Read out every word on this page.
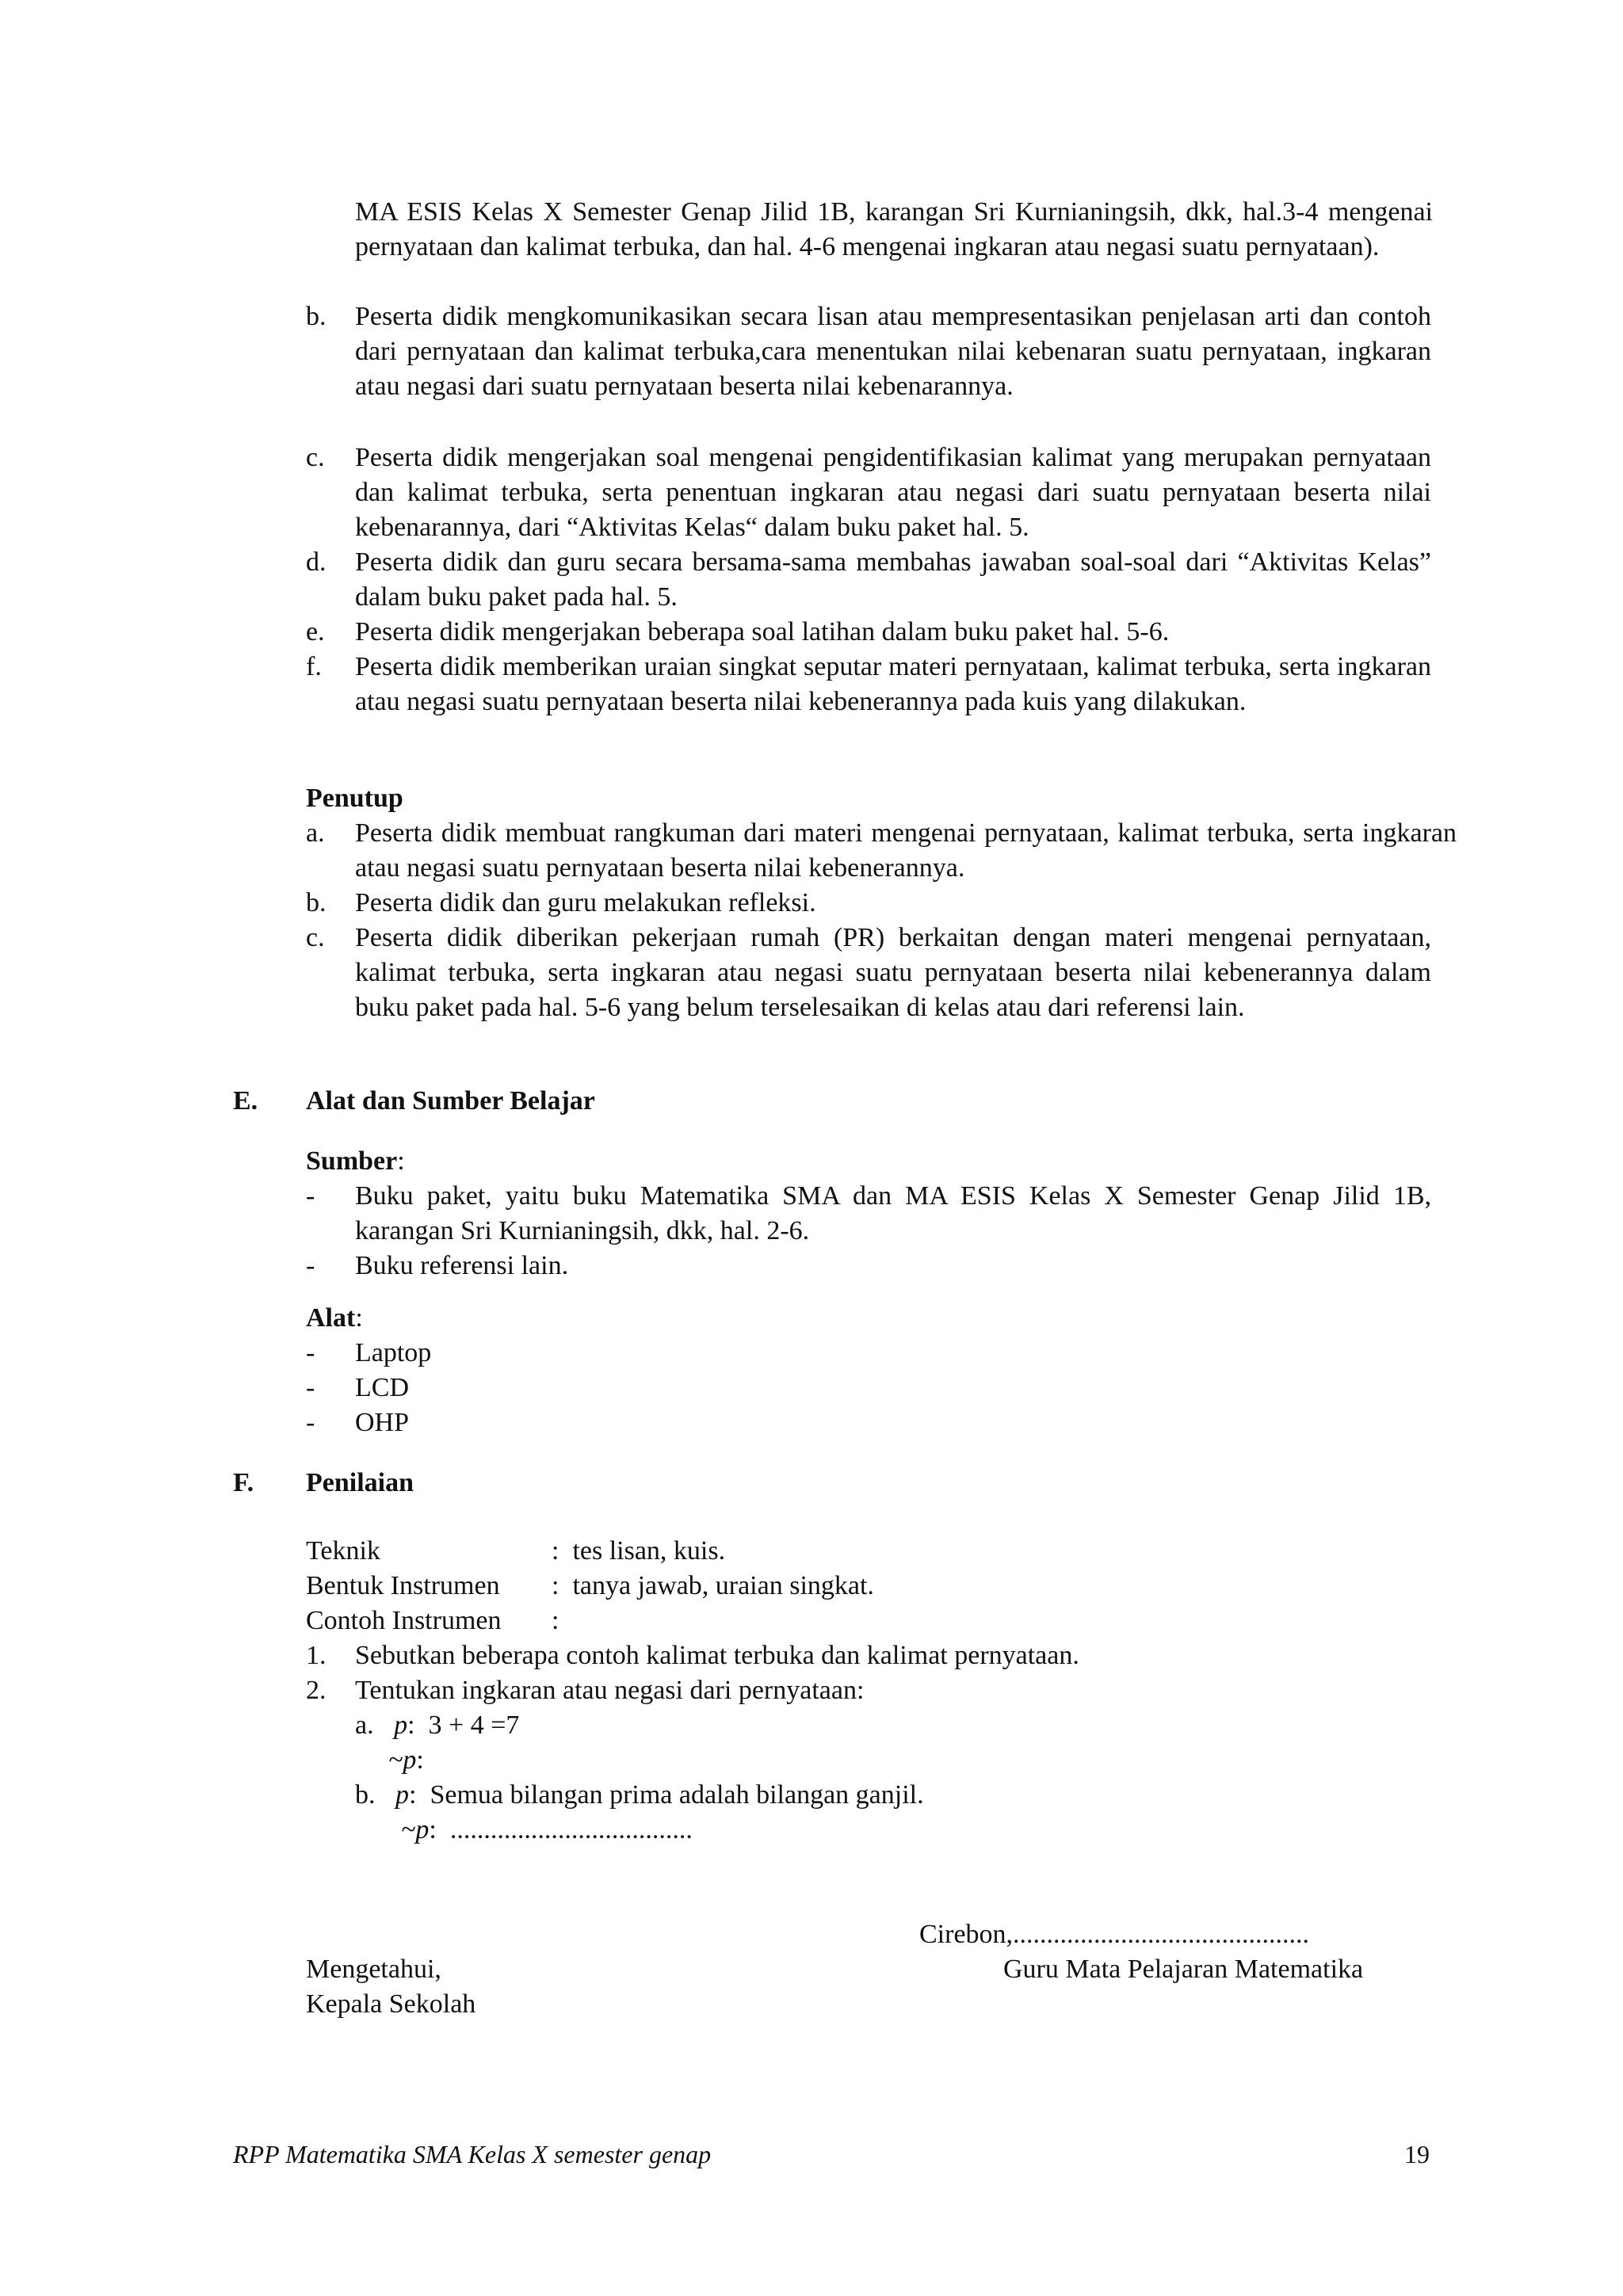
MA ESIS Kelas X Semester Genap Jilid 1B, karangan Sri Kurnianingsih, dkk, hal.3-4 mengenai pernyataan dan kalimat terbuka, dan hal. 4-6 mengenai ingkaran atau negasi suatu pernyataan).
b.	Peserta didik mengkomunikasikan secara lisan atau mempresentasikan penjelasan arti dan contoh dari pernyataan dan kalimat terbuka,cara menentukan nilai kebenaran suatu pernyataan, ingkaran atau negasi dari suatu pernyataan beserta nilai kebenarannya.
c.	Peserta didik mengerjakan soal mengenai pengidentifikasian kalimat yang merupakan pernyataan dan kalimat terbuka, serta penentuan ingkaran atau negasi dari suatu pernyataan beserta nilai kebenarannya, dari “Aktivitas Kelas“ dalam buku paket hal. 5.
d.	Peserta didik dan guru secara bersama-sama membahas jawaban soal-soal dari “Aktivitas Kelas” dalam buku paket pada hal. 5.
e.	Peserta didik mengerjakan beberapa soal latihan dalam buku paket hal. 5-6.
f.	Peserta didik memberikan uraian singkat seputar materi pernyataan, kalimat terbuka, serta ingkaran atau negasi suatu pernyataan beserta nilai kebenerannya pada kuis yang dilakukan.
Penutup
a.	Peserta didik membuat rangkuman dari materi mengenai pernyataan, kalimat terbuka, serta ingkaran atau negasi suatu pernyataan beserta nilai kebenerannya.
b.	Peserta didik dan guru melakukan refleksi.
c.	Peserta didik diberikan pekerjaan rumah (PR) berkaitan dengan materi mengenai pernyataan, kalimat terbuka, serta ingkaran atau negasi suatu pernyataan beserta nilai kebenerannya dalam buku paket pada hal. 5-6 yang belum terselesaikan di kelas atau dari referensi lain.
E. Alat dan Sumber Belajar
Sumber:
-	Buku paket, yaitu buku Matematika SMA dan MA ESIS Kelas X Semester Genap Jilid 1B, karangan Sri Kurnianingsih, dkk, hal. 2-6.
-	Buku referensi lain.
Alat:
-	Laptop
-	LCD
-	OHP
F. Penilaian
Teknik	: tes lisan, kuis.
Bentuk Instrumen : tanya jawab, uraian singkat.
Contoh Instrumen :
1.	Sebutkan beberapa contoh kalimat terbuka dan kalimat pernyataan.
2.	Tentukan ingkaran atau negasi dari pernyataan:
a. p: 3 + 4 =7
~p:
b. p: Semua bilangan prima adalah bilangan ganjil.
~p: ....................................
Cirebon,............................................
Mengetahui,	Guru Mata Pelajaran Matematika
Kepala Sekolah
RPP Matematika SMA Kelas X semester genap	19
